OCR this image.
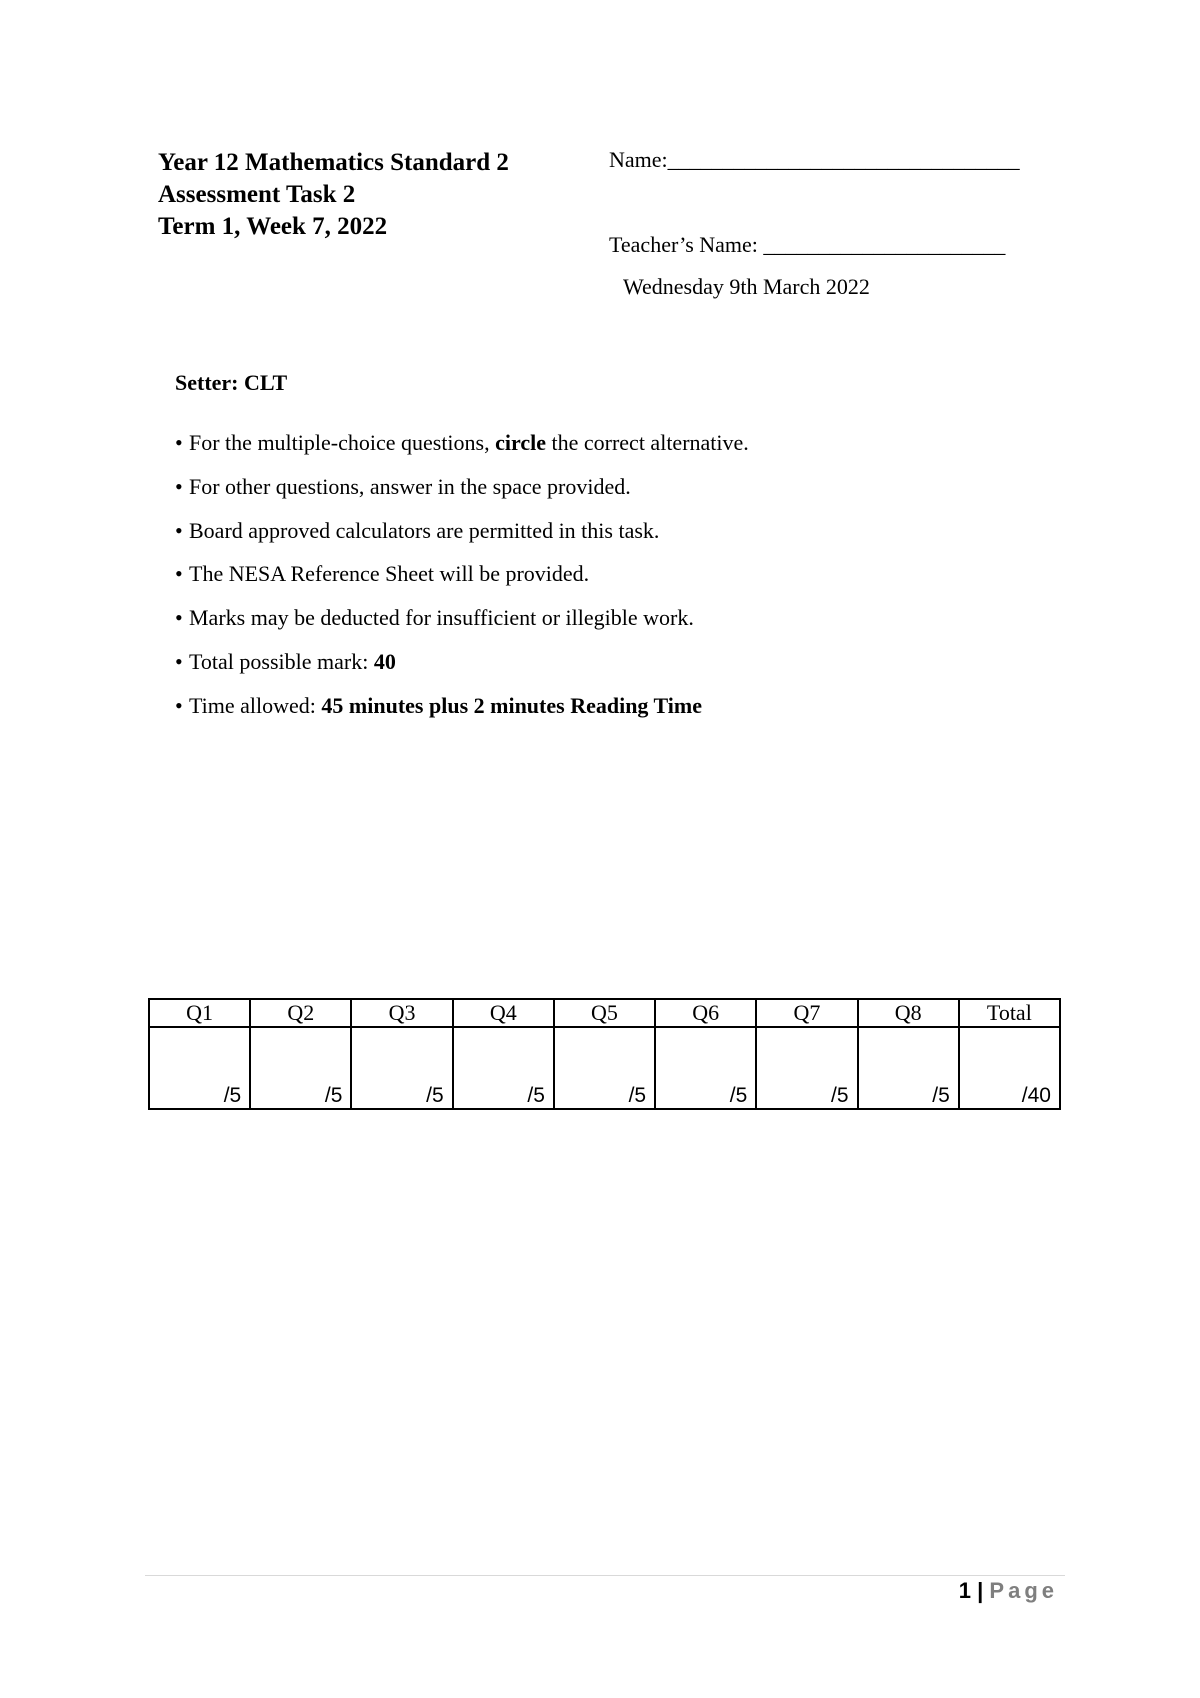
Year 12 Mathematics Standard 2

Assessment Task 2

Term 1, Week 7, 2022

Name:________________________________
Teacher’s Name: ______________________
Wednesday 9th March 2022
Setter: CLT
• For the multiple-choice questions, circle the correct alternative.
• For other questions, answer in the space provided.
• Board approved calculators are permitted in this task.
• The NESA Reference Sheet will be provided.
• Marks may be deducted for insufficient or illegible work.
• Total possible mark: 40
• Time allowed: 45 minutes plus 2 minutes Reading Time
Q1	Q2	Q3	Q4	Q5	Q6	Q7	Q8	Total
/5	/5	/5	/5	/5	/5	/5	/5	/40
1 | Page
